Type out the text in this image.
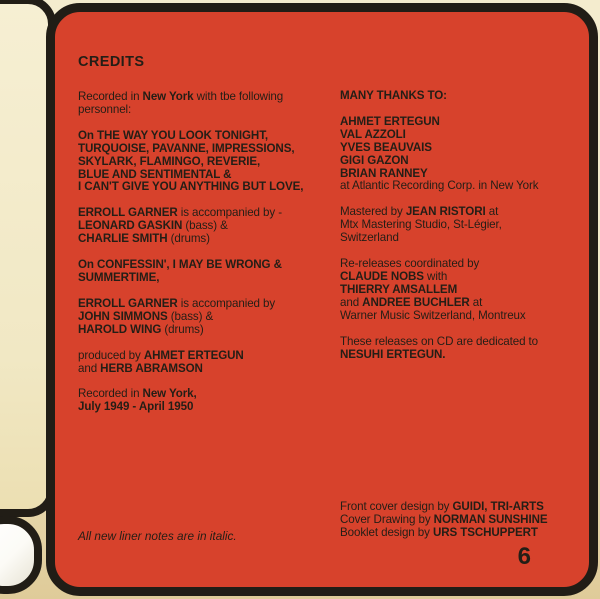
CREDITS

Recorded in New York with tbe following
personnel:

On THE WAY YOU LOOK TONIGHT,
TURQUOISE, PAVANNE, IMPRESSIONS,
SKYLARK, FLAMINGO, REVERIE,
BLUE AND SENTIMENTAL &
I CAN'T GIVE YOU ANYTHING BUT LOVE,

ERROLL GARNER is accompanied by -
LEONARD GASKIN (bass) &
CHARLIE SMITH (drums)

On CONFESSIN', I MAY BE WRONG &
SUMMERTIME,

ERROLL GARNER is accompanied by
JOHN SIMMONS (bass) &
HAROLD WING (drums)

produced by AHMET ERTEGUN
and HERB ABRAMSON

Recorded in New York,
July 1949 - April 1950

All new liner notes are in italic.

MANY THANKS TO:

AHMET ERTEGUN
VAL AZZOLI
YVES BEAUVAIS
GIGI GAZON
BRIAN RANNEY
at Atlantic Recording Corp. in New York

Mastered by JEAN RISTORI at
Mtx Mastering Studio, St-Légier,
Switzerland

Re-releases coordinated by
CLAUDE NOBS with
THIERRY AMSALLEM
and ANDREE BUCHLER at
Warner Music Switzerland, Montreux

These releases on CD are dedicated to
NESUHI ERTEGUN.

Front cover design by GUIDI, TRI-ARTS
Cover Drawing by NORMAN SUNSHINE
Booklet design by URS TSCHUPPERT

6
